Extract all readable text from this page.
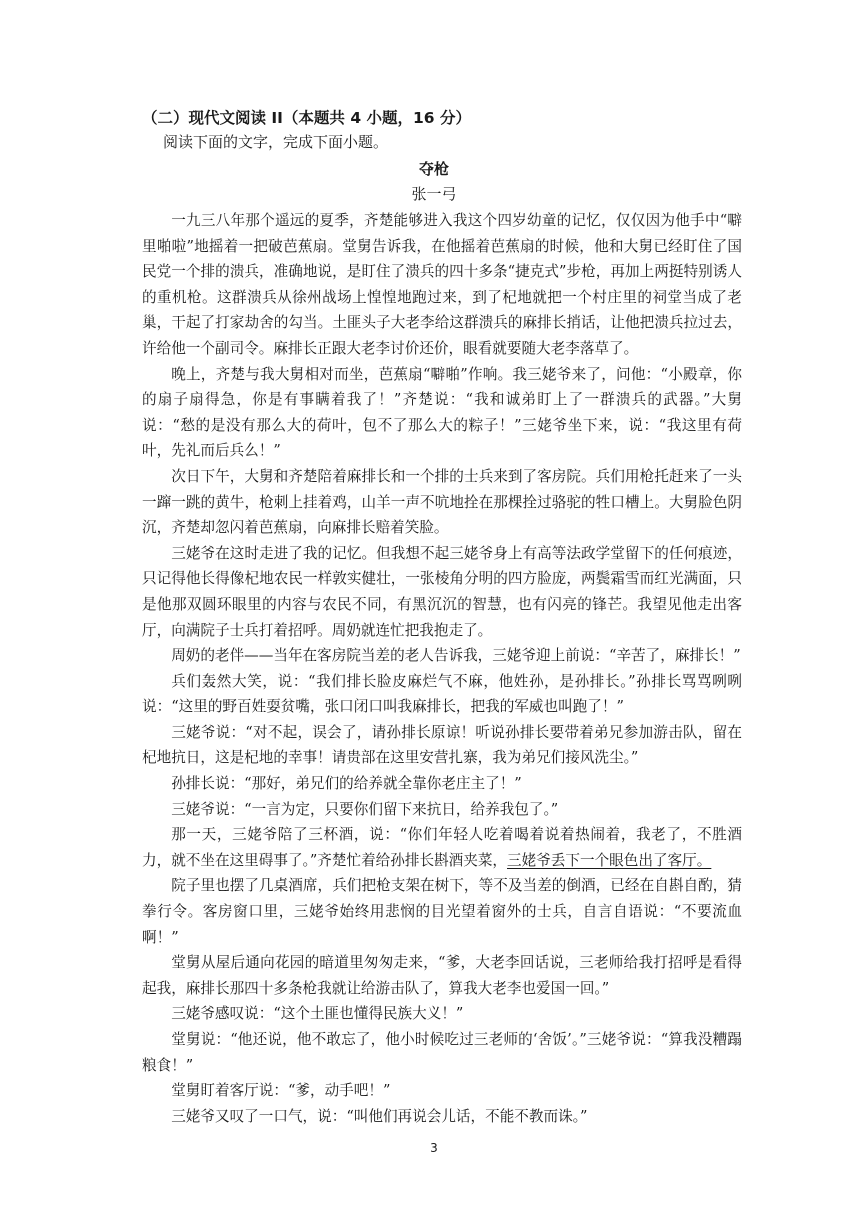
（二）现代文阅读 II（本题共 4 小题，16 分）
阅读下面的文字，完成下面小题。
夺枪
张一弓

一九三八年那个遥远的夏季，齐楚能够进入我这个四岁幼童的记忆，仅仅因为他手中“噼里啪啦”地摇着一把破芭蕉扇。堂舅告诉我，在他摇着芭蕉扇的时候，他和大舅已经盯住了国民党一个排的溃兵，准确地说，是盯住了溃兵的四十多条“捷克式”步枪，再加上两挺特别诱人的重机枪。这群溃兵从徐州战场上惶惶地跑过来，到了杞地就把一个村庄里的祠堂当成了老巢，干起了打家劫舍的勾当。土匪头子大老李给这群溃兵的麻排长捎话，让他把溃兵拉过去，许给他一个副司令。麻排长正跟大老李讨价还价，眼看就要随大老李落草了。

晚上，齐楚与我大舅相对而坐，芭蕉扇“噼啪”作响。我三姥爷来了，问他：“小殿章，你的扇子扇得急，你是有事瞒着我了！”齐楚说：“我和诚弟盯上了一群溃兵的武器。”大舅说：“愁的是没有那么大的荷叶，包不了那么大的粽子！”三姥爷坐下来，说：“我这里有荷叶，先礼而后兵么！”

次日下午，大舅和齐楚陪着麻排长和一个排的士兵来到了客房院。兵们用枪托赶来了一头一蹿一跳的黄牛，枪刺上挂着鸡，山羊一声不吭地拴在那棵拴过骆驼的牲口槽上。大舅脸色阴沉，齐楚却忽闪着芭蕉扇，向麻排长赔着笑脸。

三姥爷在这时走进了我的记忆。但我想不起三姥爷身上有高等法政学堂留下的任何痕迹，只记得他长得像杞地农民一样敦实健壮，一张棱角分明的四方脸庞，两鬓霜雪而红光满面，只是他那双圆环眼里的内容与农民不同，有黑沉沉的智慧，也有闪亮的锋芒。我望见他走出客厅，向满院子士兵打着招呼。周奶就连忙把我抱走了。

周奶的老伴——当年在客房院当差的老人告诉我，三姥爷迎上前说：“辛苦了，麻排长！”

兵们轰然大笑，说：“我们排长脸皮麻烂气不麻，他姓孙，是孙排长。”孙排长骂骂咧咧说：“这里的野百姓耍贫嘴，张口闭口叫我麻排长，把我的军威也叫跑了！”

三姥爷说：“对不起，误会了，请孙排长原谅！听说孙排长要带着弟兄参加游击队，留在杞地抗日，这是杞地的幸事！请贵部在这里安营扎寨，我为弟兄们接风洗尘。”

孙排长说：“那好，弟兄们的给养就全靠你老庄主了！”

三姥爷说：“一言为定，只要你们留下来抗日，给养我包了。”

那一天，三姥爷陪了三杯酒，说：“你们年轻人吃着喝着说着热闹着，我老了，不胜酒力，就不坐在这里碍事了。”齐楚忙着给孙排长斟酒夹菜，三姥爷丢下一个眼色出了客厅。

院子里也摆了几桌酒席，兵们把枪支架在树下，等不及当差的倒酒，已经在自斟自酌，猜拳行令。客房窗口里，三姥爷始终用悲悯的目光望着窗外的士兵，自言自语说：“不要流血啊！”

堂舅从屋后通向花园的暗道里匆匆走来，“爹，大老李回话说，三老师给我打招呼是看得起我，麻排长那四十多条枪我就让给游击队了，算我大老李也爱国一回。”

三姥爷感叹说：“这个土匪也懂得民族大义！”

堂舅说：“他还说，他不敢忘了，他小时候吃过三老师的‘舍饭’。”三姥爷说：“算我没糟蹋粮食！”

堂舅盯着客厅说：“爹，动手吧！”

三姥爷又叹了一口气，说：“叫他们再说会儿话，不能不教而诛。”

3
